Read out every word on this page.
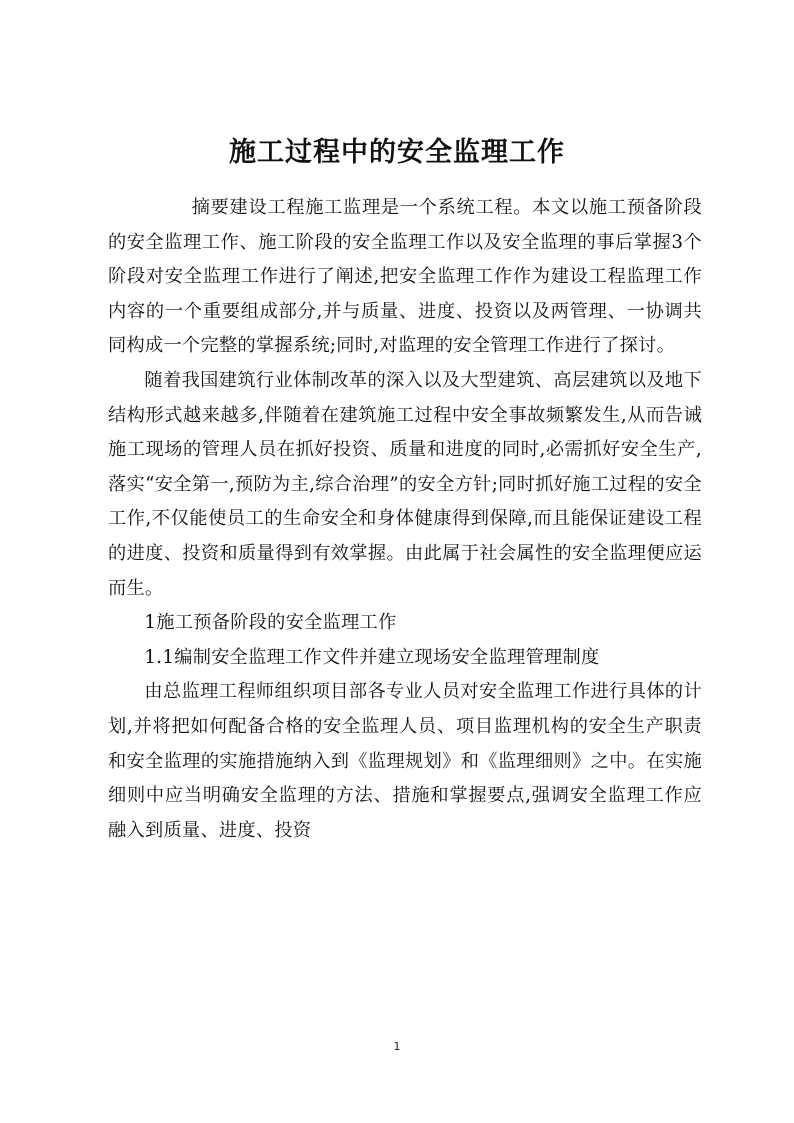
施工过程中的安全监理工作

摘要建设工程施工监理是一个系统工程。本文以施工预备阶段的安全监理工作、施工阶段的安全监理工作以及安全监理的事后掌握3个阶段对安全监理工作进行了阐述,把安全监理工作作为建设工程监理工作内容的一个重要组成部分,并与质量、进度、投资以及两管理、一协调共同构成一个完整的掌握系统;同时,对监理的安全管理工作进行了探讨。

随着我国建筑行业体制改革的深入以及大型建筑、高层建筑以及地下结构形式越来越多,伴随着在建筑施工过程中安全事故频繁发生,从而告诫施工现场的管理人员在抓好投资、质量和进度的同时,必需抓好安全生产,落实“安全第一,预防为主,综合治理”的安全方针;同时抓好施工过程的安全工作,不仅能使员工的生命安全和身体健康得到保障,而且能保证建设工程的进度、投资和质量得到有效掌握。由此属于社会属性的安全监理便应运而生。

1施工预备阶段的安全监理工作

1.1编制安全监理工作文件并建立现场安全监理管理制度

由总监理工程师组织项目部各专业人员对安全监理工作进行具体的计划,并将把如何配备合格的安全监理人员、项目监理机构的安全生产职责和安全监理的实施措施纳入到《监理规划》和《监理细则》之中。在实施细则中应当明确安全监理的方法、措施和掌握要点,强调安全监理工作应融入到质量、进度、投资

1
